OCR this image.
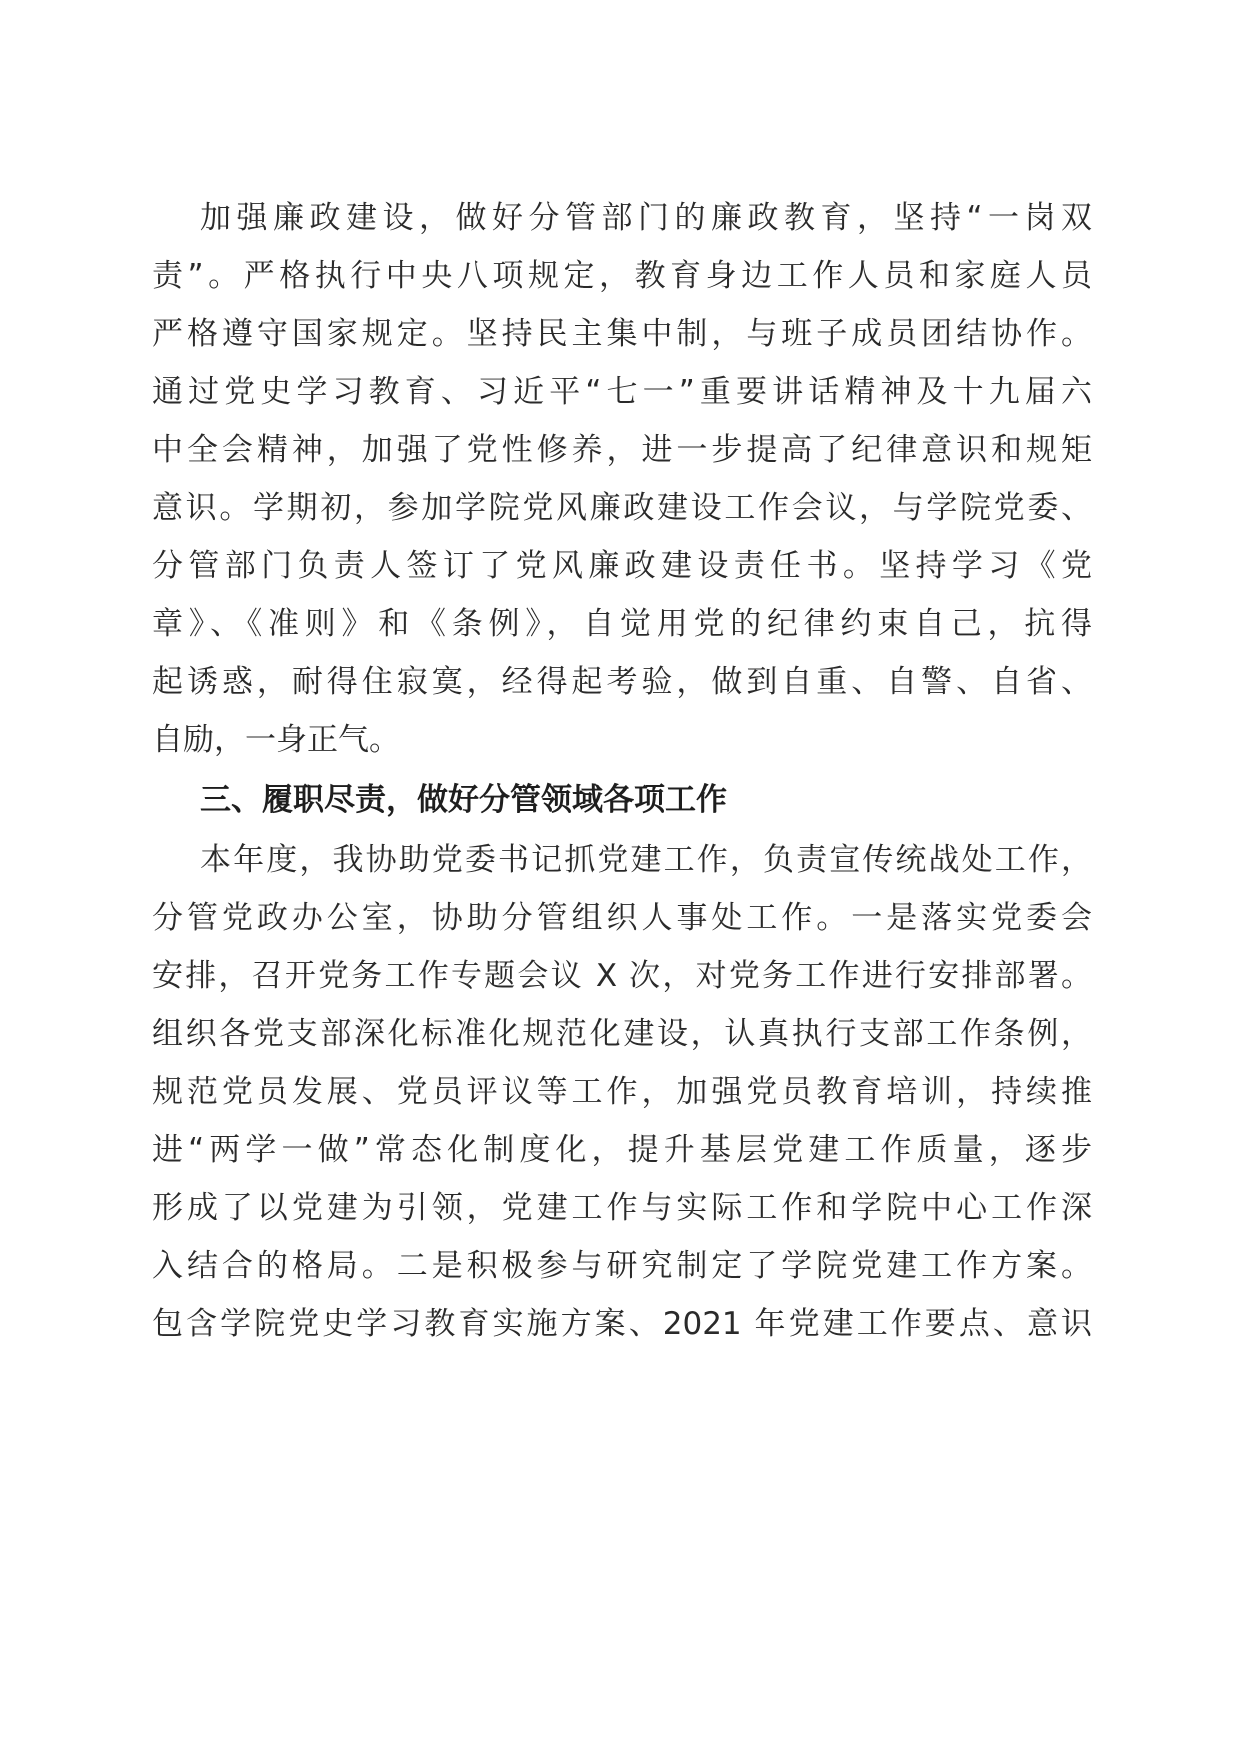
加强廉政建设，做好分管部门的廉政教育，坚持“一岗双
责”。严格执行中央八项规定，教育身边工作人员和家庭人员
严格遵守国家规定。坚持民主集中制，与班子成员团结协作。
通过党史学习教育、习近平“七一”重要讲话精神及十九届六
中全会精神，加强了党性修养，进一步提高了纪律意识和规矩
意识。学期初，参加学院党风廉政建设工作会议，与学院党委、
分管部门负责人签订了党风廉政建设责任书。坚持学习《党
章》、《准则》和《条例》，自觉用党的纪律约束自己，抗得
起诱惑，耐得住寂寞，经得起考验，做到自重、自警、自省、
自励，一身正气。
三、履职尽责，做好分管领域各项工作
本年度，我协助党委书记抓党建工作，负责宣传统战处工作，
分管党政办公室，协助分管组织人事处工作。一是落实党委会
安排，召开党务工作专题会议 X 次，对党务工作进行安排部署。
组织各党支部深化标准化规范化建设，认真执行支部工作条例，
规范党员发展、党员评议等工作，加强党员教育培训，持续推
进“两学一做”常态化制度化，提升基层党建工作质量，逐步
形成了以党建为引领，党建工作与实际工作和学院中心工作深
入结合的格局。二是积极参与研究制定了学院党建工作方案。
包含学院党史学习教育实施方案、2021 年党建工作要点、意识
